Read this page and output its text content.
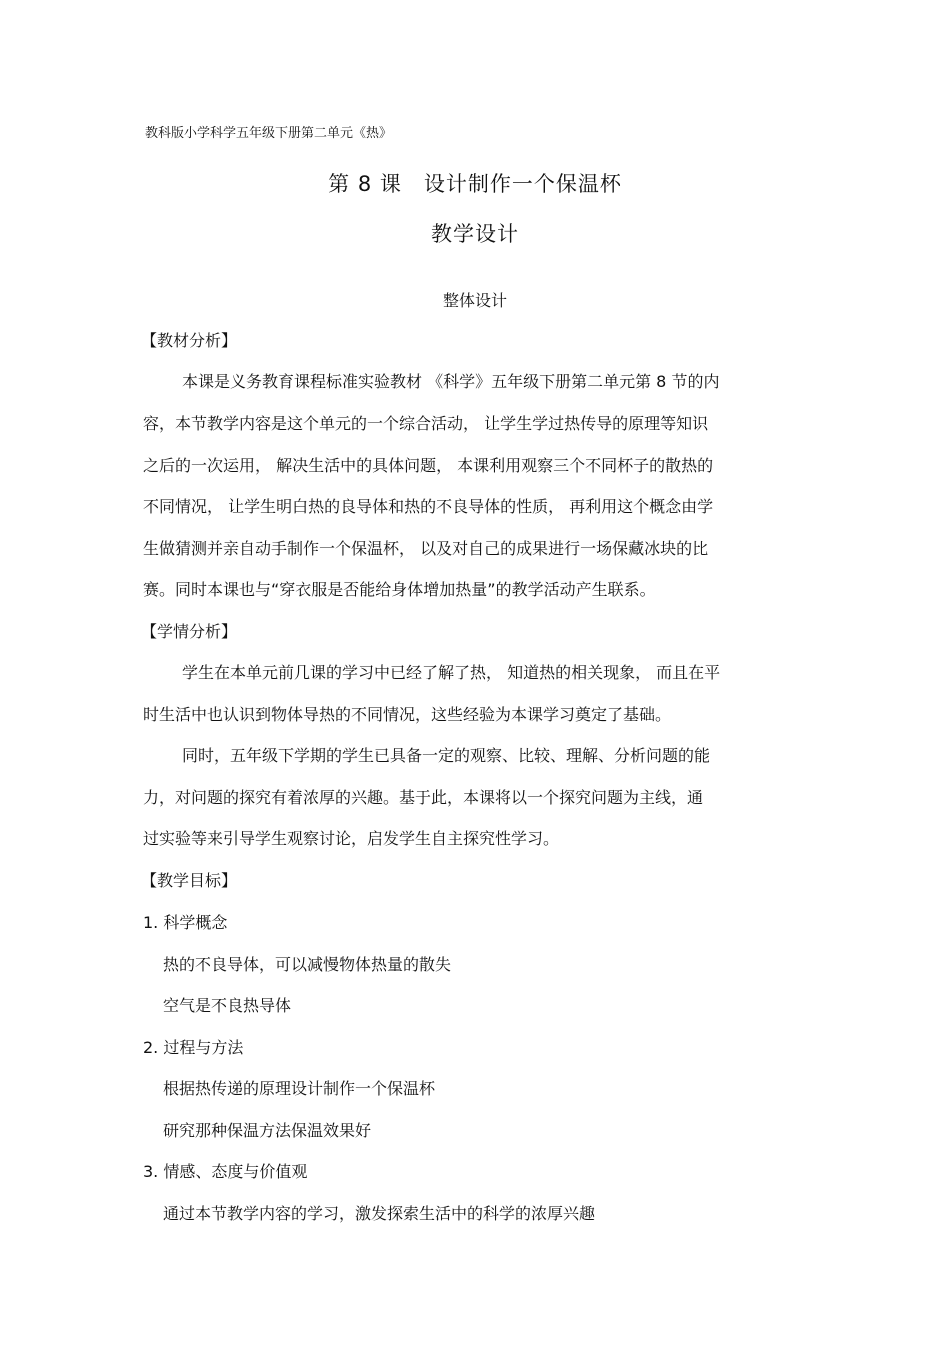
教科版小学科学五年级下册第二单元《热》
第 8 课 设计制作一个保温杯
教学设计
整体设计
【教材分析】
本课是义务教育课程标准实验教材 《科学》五年级下册第二单元第 8 节的内
容，本节教学内容是这个单元的一个综合活动， 让学生学过热传导的原理等知识
之后的一次运用， 解决生活中的具体问题， 本课利用观察三个不同杯子的散热的
不同情况， 让学生明白热的良导体和热的不良导体的性质， 再利用这个概念由学
生做猜测并亲自动手制作一个保温杯， 以及对自己的成果进行一场保藏冰块的比
赛。同时本课也与“穿衣服是否能给身体增加热量”的教学活动产生联系。
【学情分析】
学生在本单元前几课的学习中已经了解了热， 知道热的相关现象， 而且在平
时生活中也认识到物体导热的不同情况，这些经验为本课学习奠定了基础。
同时，五年级下学期的学生已具备一定的观察、比较、理解、分析问题的能
力，对问题的探究有着浓厚的兴趣。基于此，本课将以一个探究问题为主线，通
过实验等来引导学生观察讨论，启发学生自主探究性学习。
【教学目标】
1. 科学概念
热的不良导体，可以减慢物体热量的散失
空气是不良热导体
2. 过程与方法
根据热传递的原理设计制作一个保温杯
研究那种保温方法保温效果好
3. 情感、态度与价值观
通过本节教学内容的学习，激发探索生活中的科学的浓厚兴趣
